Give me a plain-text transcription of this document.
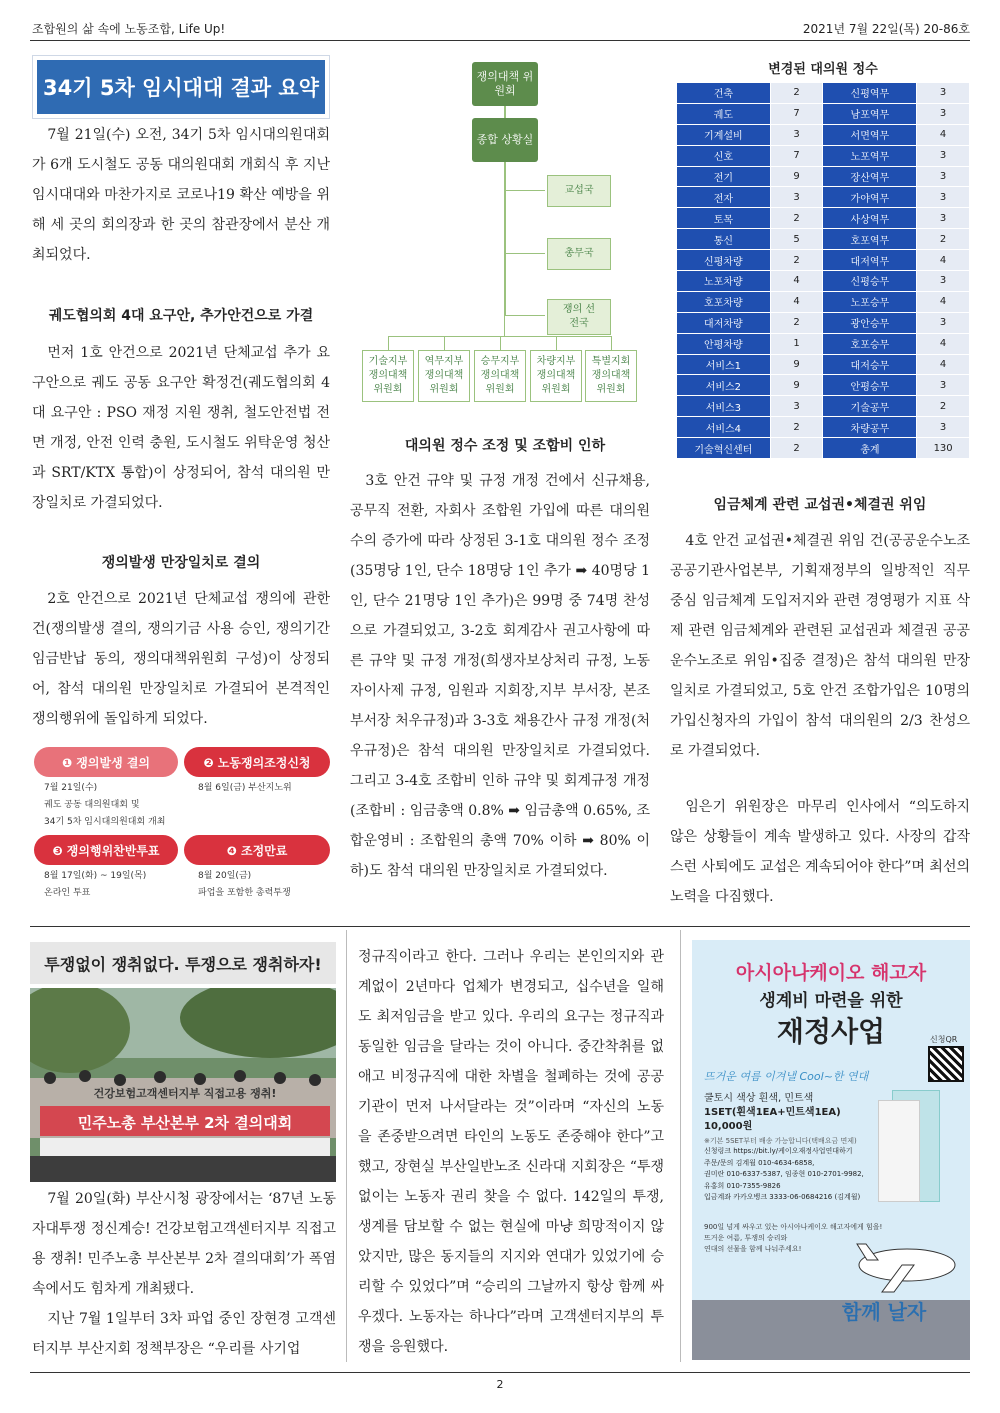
조합원의 삶 속에 노동조합, Life Up!	2021년 7월 22일(목) 20-86호
34기 5차 임시대대 결과 요약
7월 21일(수) 오전, 34기 5차 임시대의원대회가 6개 도시철도 공동 대의원대회 개회식 후 지난 임시대대와 마찬가지로 코로나19 확산 예방을 위해 세 곳의 회의장과 한 곳의 참관장에서 분산 개최되었다.
궤도협의회 4대 요구안, 추가안건으로 가결
먼저 1호 안건으로 2021년 단체교섭 추가 요구안으로 궤도 공동 요구안 확정건(궤도협의회 4대 요구안 : PSO 재정 지원 쟁취, 철도안전법 전면 개정, 안전 인력 충원, 도시철도 위탁운영 청산과 SRT/KTX 통합)이 상정되어, 참석 대의원 만장일치로 가결되었다.
쟁의발생 만장일치로 결의
2호 안건으로 2021년 단체교섭 쟁의에 관한 건(쟁의발생 결의, 쟁의기금 사용 승인, 쟁의기간 임금반납 동의, 쟁의대책위원회 구성)이 상정되어, 참석 대의원 만장일치로 가결되어 본격적인 쟁의행위에 돌입하게 되었다.
❶ 쟁의발생 결의	❷ 노동쟁의조정신청
7월 21일(수)
궤도 공동 대의원대회 및
34기 5차 임시대의원대회 개최
8월 6일(금) 부산지노위
❸ 쟁의행위찬반투표	❹ 조정만료
8월 17일(화) ~ 19일(목)
온라인 투표
8월 20일(금)
파업을 포함한 총력투쟁
쟁의대책 위원회
종합 상황실
교섭국
총무국
쟁의 선전국
기술지부 쟁의대책 위원회
역무지부 쟁의대책 위원회
승무지부 쟁의대책 위원회
차량지부 쟁의대책 위원회
특별지회 쟁의대책 위원회
대의원 정수 조정 및 조합비 인하
3호 안건 규약 및 규정 개정 건에서 신규채용, 공무직 전환, 자회사 조합원 가입에 따른 대의원수의 증가에 따라 상정된 3-1호 대의원 정수 조정(35명당 1인, 단수 18명당 1인 추가 ➡ 40명당 1인, 단수 21명당 1인 추가)은 99명 중 74명 찬성으로 가결되었고, 3-2호 회계감사 권고사항에 따른 규약 및 규정 개정(희생자보상처리 규정, 노동자이사제 규정, 임원과 지회장,지부 부서장, 본조 부서장 처우규정)과 3-3호 채용간사 규정 개정(처우규정)은 참석 대의원 만장일치로 가결되었다. 그리고 3-4호 조합비 인하 규약 및 회계규정 개정(조합비 : 임금총액 0.8% ➡ 임금총액 0.65%, 조합운영비 : 조합원의 총액 70% 이하 ➡ 80% 이하)도 참석 대의원 만장일치로 가결되었다.
변경된 대의원 정수
건축	2	신평역무	3
궤도	7	남포역무	3
기계설비	3	서면역무	4
신호	7	노포역무	3
전기	9	장산역무	3
전자	3	가야역무	3
토목	2	사상역무	3
통신	5	호포역무	2
신평차량	2	대저역무	4
노포차량	4	신평승무	3
호포차량	4	노포승무	4
대저차량	2	광안승무	3
안평차량	1	호포승무	4
서비스1	9	대저승무	4
서비스2	9	안평승무	3
서비스3	3	기술공무	2
서비스4	2	차량공무	3
기술혁신센터	2	총계	130
임금체계 관련 교섭권•체결권 위임
4호 안건 교섭권•체결권 위임 건(공공운수노조 공공기관사업본부, 기획재정부의 일방적인 직무중심 임금체계 도입저지와 관련 경영평가 지표 삭제 관련 임금체계와 관련된 교섭권과 체결권 공공운수노조로 위임•집중 결정)은 참석 대의원 만장일치로 가결되었고, 5호 안건 조합가입은 10명의 가입신청자의 가입이 참석 대의원의 2/3 찬성으로 가결되었다.
임은기 위원장은 마무리 인사에서 “의도하지 않은 상황들이 계속 발생하고 있다. 사장의 갑작스런 사퇴에도 교섭은 계속되어야 한다”며 최선의 노력을 다짐했다.
투쟁없이 쟁취없다. 투쟁으로 쟁취하자!
민주노총 부산본부 2차 결의대회
건강보험고객센터지부 직접고용 쟁취!
7월 20일(화) 부산시청 광장에서는 ‘87년 노동자대투쟁 정신계승! 건강보험고객센터지부 직접고용 쟁취! 민주노총 부산본부 2차 결의대회’가 폭염 속에서도 힘차게 개최됐다.
지난 7월 1일부터 3차 파업 중인 장현경 고객센터지부 부산지회 정책부장은 “우리를 사기업
정규직이라고 한다. 그러나 우리는 본인의지와 관계없이 2년마다 업체가 변경되고, 십수년을 일해도 최저임금을 받고 있다. 우리의 요구는 정규직과 동일한 임금을 달라는 것이 아니다. 중간착취를 없애고 비정규직에 대한 차별을 철폐하는 것에 공공기관이 먼저 나서달라는 것”이라며 “자신의 노동을 존중받으려면 타인의 노동도 존중해야 한다”고 했고, 장현실 부산일반노조 신라대 지회장은 “투쟁없이는 노동자 권리 찾을 수 없다. 142일의 투쟁, 생계를 담보할 수 없는 현실에 마냥 희망적이지 않았지만, 많은 동지들의 지지와 연대가 있었기에 승리할 수 있었다”며 “승리의 그날까지 항상 함께 싸우겠다. 노동자는 하나다”라며 고객센터지부의 투쟁을 응원했다.
아시아나케이오 해고자
생계비 마련을 위한
재정사업	신청QR
뜨거운 여름 이겨낼 Cool~한 연대
쿨토시 색상 흰색, 민트색
1SET(흰색1EA+민트색1EA) 10,000원
※기본 5SET부터 배송 가능합니다(택배요금 면제)
신청링크 https://bit.ly/케이오재정사업연대하기
주문/문의 김계월 010-4634-6858,
권미란 010-6337-5387, 임종현 010-2701-9982,
유홍희 010-7355-9826
입금계좌 카카오뱅크 3333-06-0684216 (김계월)
900일 넘게 싸우고 있는 아시아나케이오 해고자에게 힘을!
뜨거운 여름, 투쟁의 승리와
연대의 선물을 함께 나눠주세요!
함께 날자
2
